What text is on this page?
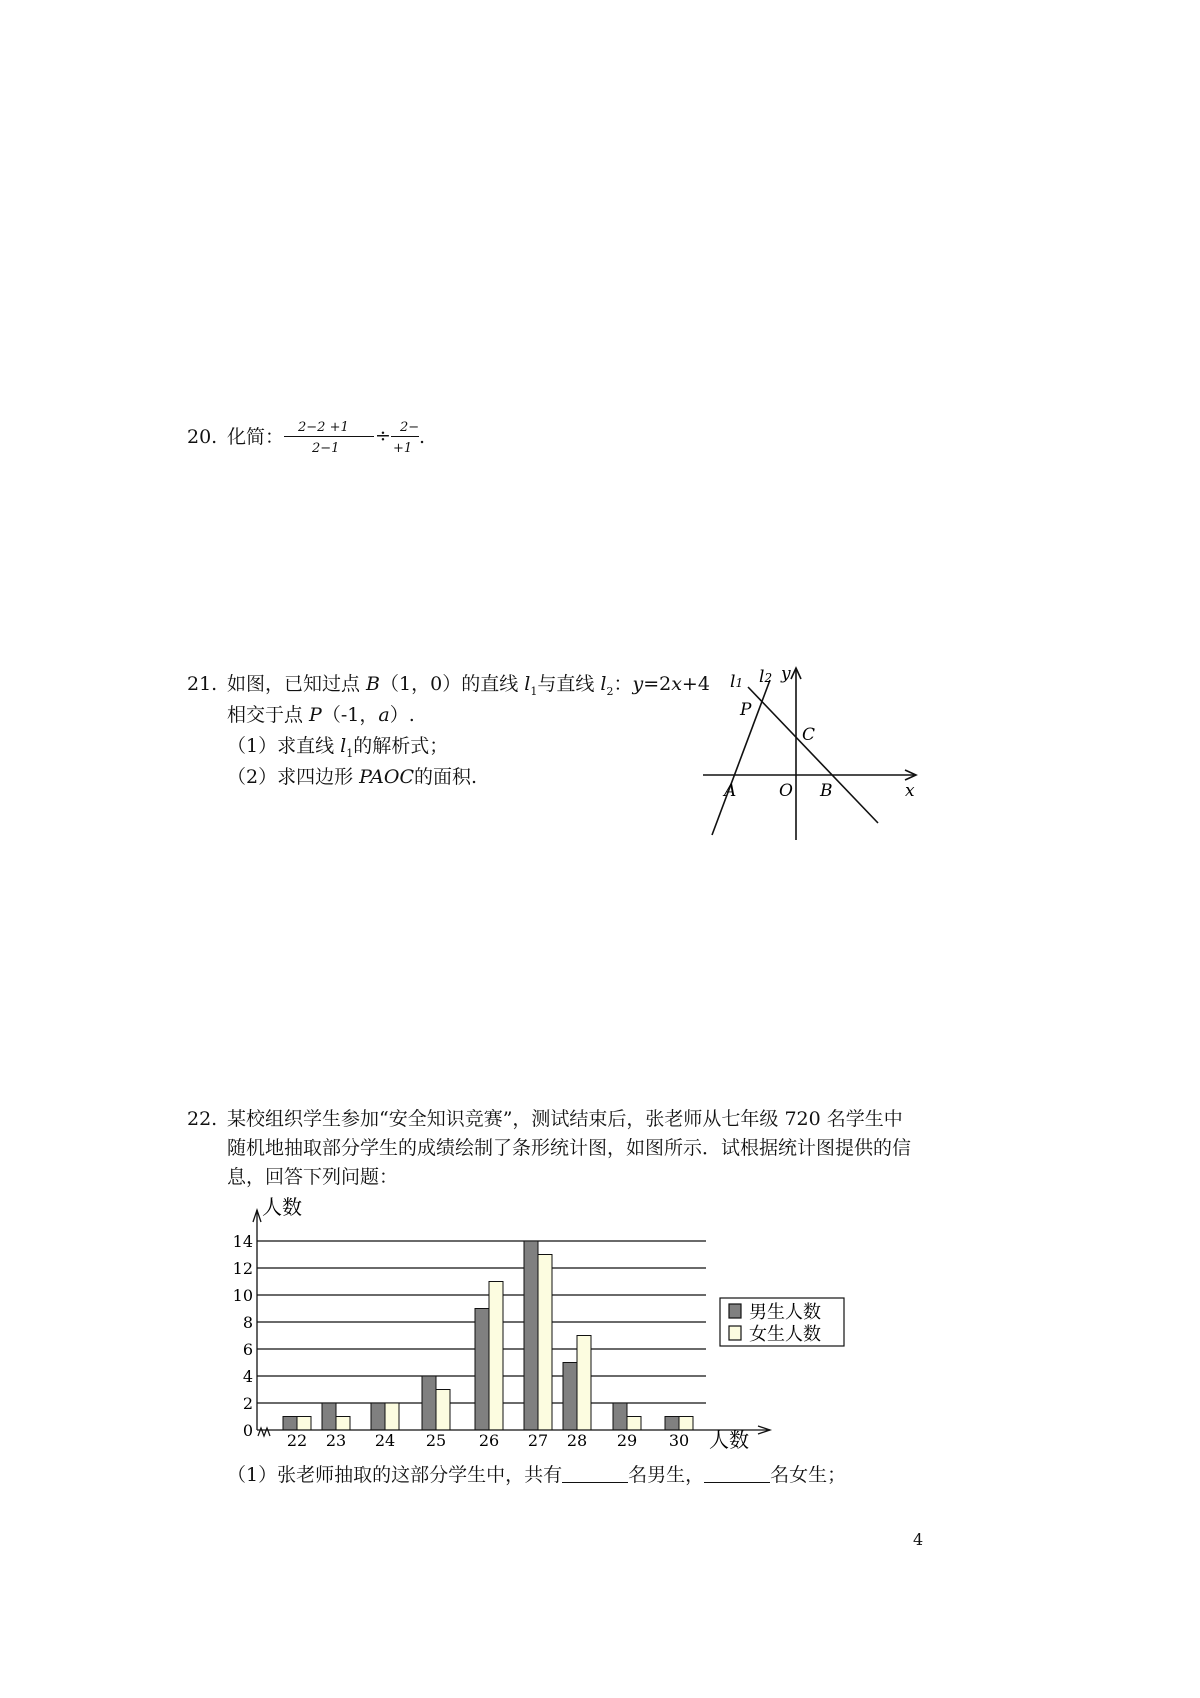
20. 化简： 2−2 +1
2−1
÷ 2−
+1
.
21. 如图，已知过点 B（1，0）的直线 $l_1$与直线 $l_2$：y=2x+4
相交于点 P（-1，a）.
（1）求直线 $l_1$的解析式；
（2）求四边形 PAOC的面积.
l1 l2 y
P
C
A	O B	x
22. 某校组织学生参加“安全知识竞赛”，测试结束后，张老师从七年级 720 名学生中
随机地抽取部分学生的成绩绘制了条形统计图，如图所示．试根据统计图提供的信
息，回答下列问题：
0
2
4
6
8
10
12
14
22 23 24 25 26 27 28 29 30
人数
人数
男生人数
女生人数
（1）张老师抽取的这部分学生中，共有	名男生，	名女生；
4
